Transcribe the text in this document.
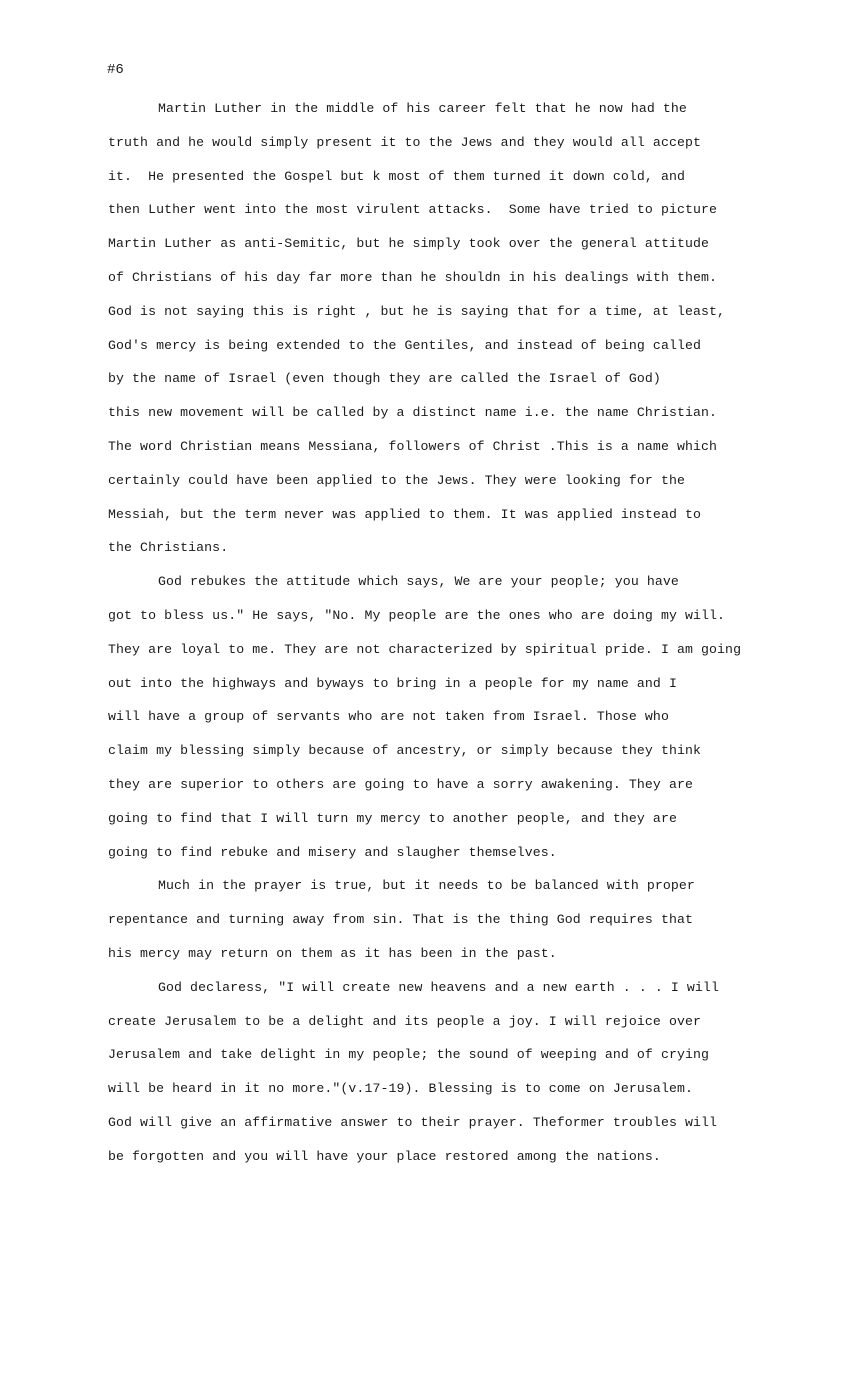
#6
Martin Luther in the middle of his career felt that he now had the
truth and he would simply present it to the Jews and they would all accept
it.  He presented the Gospel but k most of them turned it down cold, and
then Luther went into the most virulent attacks.  Some have tried to picture
Martin Luther as anti-Semitic, but he simply took over the general attitude
of Christians of his day far more than he shouldn in his dealings with them.
God is not saying this is right , but he is saying that for a time, at least,
God's mercy is being extended to the Gentiles, and instead of being called
by the name of Israel (even though they are called the Israel of God)
this new movement will be called by a distinct name i.e. the name Christian.
The word Christian means Messiana, followers of Christ .This is a name which
certainly could have been applied to the Jews. They were looking for the
Messiah, but the term never was applied to them. It was applied instead to
the Christians.
God rebukes the attitude which says, We are your people; you have
got to bless us." He says, "No. My people are the ones who are doing my will.
They are loyal to me. They are not characterized by spiritual pride. I am going
out into the highways and byways to bring in a people for my name and I
will have a group of servants who are not taken from Israel. Those who
claim my blessing simply because of ancestry, or simply because they think
they are superior to others are going to have a sorry awakening. They are
going to find that I will turn my mercy to another people, and they are
going to find rebuke and misery and slaugher themselves.
Much in the prayer is true, but it needs to be balanced with proper
repentance and turning away from sin. That is the thing God requires that
his mercy may return on them as it has been in the past.
God declaress, "I will create new heavens and a new earth . . . I will
create Jerusalem to be a delight and its people a joy. I will rejoice over
Jerusalem and take delight in my people; the sound of weeping and of crying
will be heard in it no more."(v.17-19). Blessing is to come on Jerusalem.
God will give an affirmative answer to their prayer. Theformer troubles will
be forgotten and you will have your place restored among the nations.
